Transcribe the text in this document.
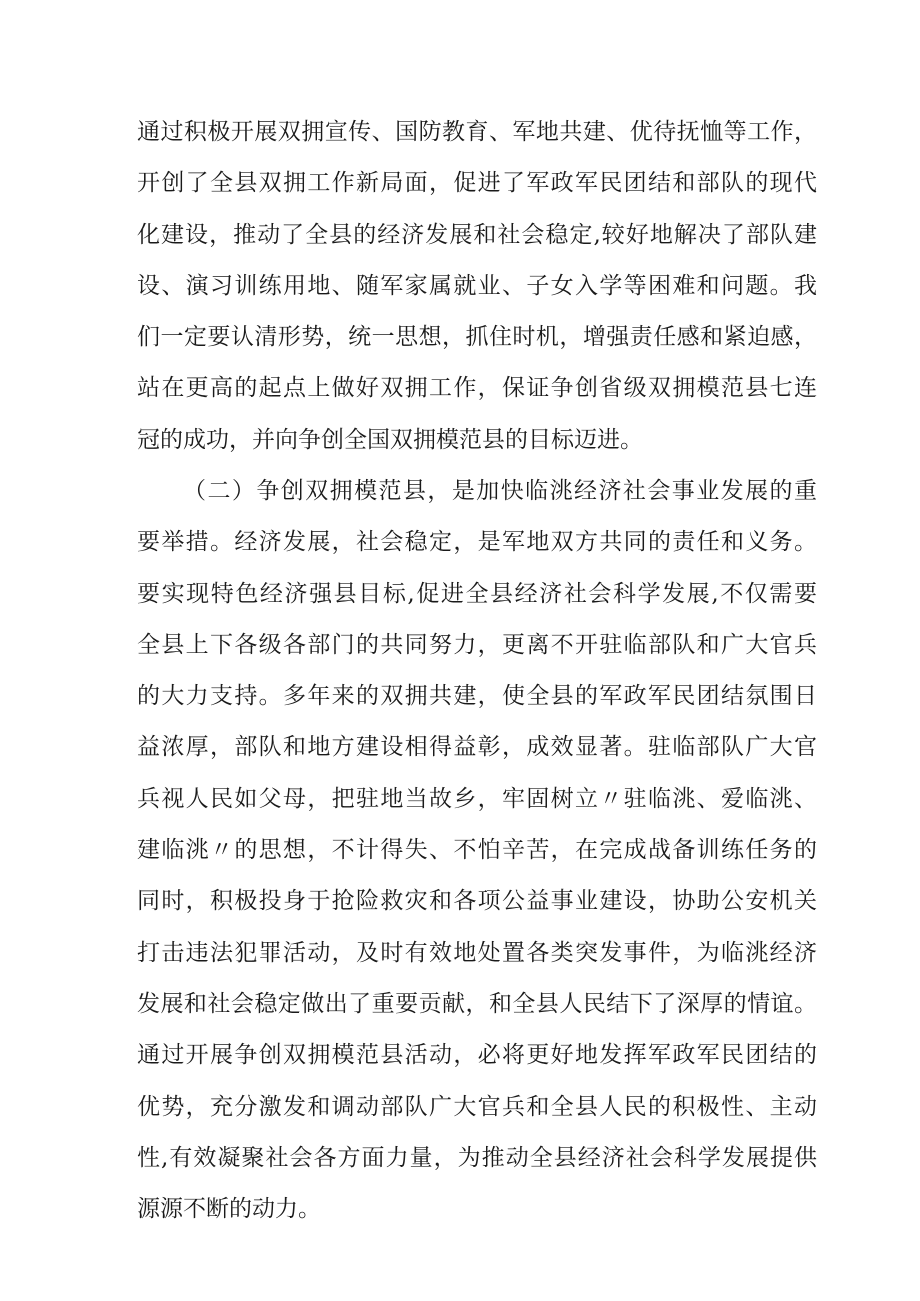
通过积极开展双拥宣传、国防教育、军地共建、优待抚恤等工作，
开创了全县双拥工作新局面，促进了军政军民团结和部队的现代
化建设，推动了全县的经济发展和社会稳定,较好地解决了部队建
设、演习训练用地、随军家属就业、子女入学等困难和问题。我
们一定要认清形势，统一思想，抓住时机，增强责任感和紧迫感，
站在更高的起点上做好双拥工作，保证争创省级双拥模范县七连
冠的成功，并向争创全国双拥模范县的目标迈进。
（二）争创双拥模范县，是加快临洮经济社会事业发展的重
要举措。经济发展，社会稳定，是军地双方共同的责任和义务。
要实现特色经济强县目标,促进全县经济社会科学发展,不仅需要
全县上下各级各部门的共同努力，更离不开驻临部队和广大官兵
的大力支持。多年来的双拥共建，使全县的军政军民团结氛围日
益浓厚，部队和地方建设相得益彰，成效显著。驻临部队广大官
兵视人民如父母，把驻地当故乡，牢固树立〃驻临洮、爱临洮、
建临洮〃的思想，不计得失、不怕辛苦，在完成战备训练任务的
同时，积极投身于抢险救灾和各项公益事业建设，协助公安机关
打击违法犯罪活动，及时有效地处置各类突发事件，为临洮经济
发展和社会稳定做出了重要贡献，和全县人民结下了深厚的情谊。
通过开展争创双拥模范县活动，必将更好地发挥军政军民团结的
优势，充分激发和调动部队广大官兵和全县人民的积极性、主动
性,有效凝聚社会各方面力量，为推动全县经济社会科学发展提供
源源不断的动力。
